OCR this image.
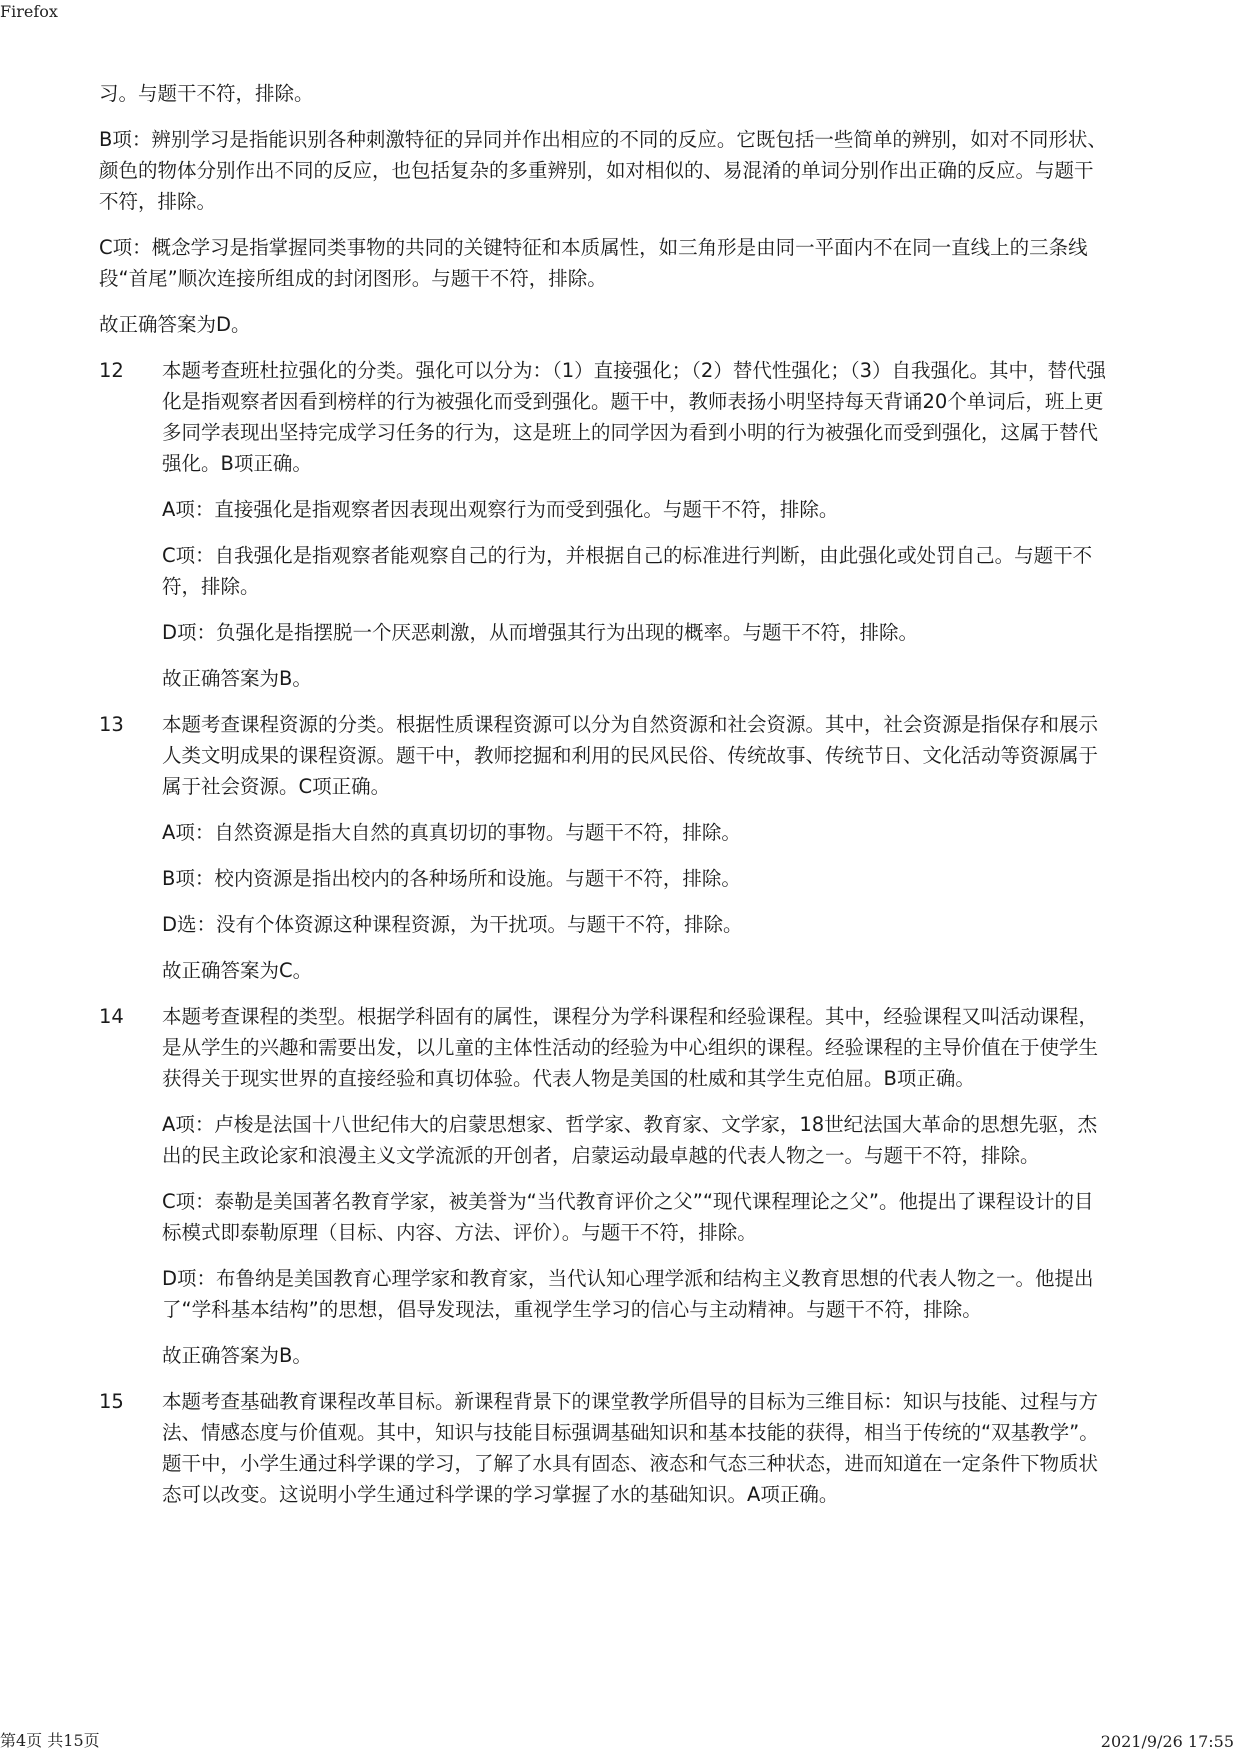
Firefox

习。与题干不符，排除。

B项：辨别学习是指能识别各种刺激特征的异同并作出相应的不同的反应。它既包括一些简单的辨别，如对不同形状、颜色的物体分别作出不同的反应，也包括复杂的多重辨别，如对相似的、易混淆的单词分别作出正确的反应。与题干不符，排除。

C项：概念学习是指掌握同类事物的共同的关键特征和本质属性，如三角形是由同一平面内不在同一直线上的三条线段“首尾”顺次连接所组成的封闭图形。与题干不符，排除。

故正确答案为D。

12	本题考查班杜拉强化的分类。强化可以分为：（1）直接强化；（2）替代性强化；（3）自我强化。其中，替代强化是指观察者因看到榜样的行为被强化而受到强化。题干中，教师表扬小明坚持每天背诵20个单词后，班上更多同学表现出坚持完成学习任务的行为，这是班上的同学因为看到小明的行为被强化而受到强化，这属于替代强化。B项正确。

A项：直接强化是指观察者因表现出观察行为而受到强化。与题干不符，排除。

C项：自我强化是指观察者能观察自己的行为，并根据自己的标准进行判断，由此强化或处罚自己。与题干不符，排除。

D项：负强化是指摆脱一个厌恶刺激，从而增强其行为出现的概率。与题干不符，排除。

故正确答案为B。

13	本题考查课程资源的分类。根据性质课程资源可以分为自然资源和社会资源。其中，社会资源是指保存和展示人类文明成果的课程资源。题干中，教师挖掘和利用的民风民俗、传统故事、传统节日、文化活动等资源属于属于社会资源。C项正确。

A项：自然资源是指大自然的真真切切的事物。与题干不符，排除。

B项：校内资源是指出校内的各种场所和设施。与题干不符，排除。

D选：没有个体资源这种课程资源，为干扰项。与题干不符，排除。

故正确答案为C。

14	本题考查课程的类型。根据学科固有的属性，课程分为学科课程和经验课程。其中，经验课程又叫活动课程，是从学生的兴趣和需要出发，以儿童的主体性活动的经验为中心组织的课程。经验课程的主导价值在于使学生获得关于现实世界的直接经验和真切体验。代表人物是美国的杜威和其学生克伯屈。B项正确。

A项：卢梭是法国十八世纪伟大的启蒙思想家、哲学家、教育家、文学家，18世纪法国大革命的思想先驱，杰出的民主政论家和浪漫主义文学流派的开创者，启蒙运动最卓越的代表人物之一。与题干不符，排除。

C项：泰勒是美国著名教育学家，被美誉为“当代教育评价之父”“现代课程理论之父”。他提出了课程设计的目标模式即泰勒原理（目标、内容、方法、评价）。与题干不符，排除。

D项：布鲁纳是美国教育心理学家和教育家，当代认知心理学派和结构主义教育思想的代表人物之一。他提出了“学科基本结构”的思想，倡导发现法，重视学生学习的信心与主动精神。与题干不符，排除。

故正确答案为B。

15	本题考查基础教育课程改革目标。新课程背景下的课堂教学所倡导的目标为三维目标：知识与技能、过程与方法、情感态度与价值观。其中，知识与技能目标强调基础知识和基本技能的获得，相当于传统的“双基教学”。题干中，小学生通过科学课的学习，了解了水具有固态、液态和气态三种状态，进而知道在一定条件下物质状态可以改变。这说明小学生通过科学课的学习掌握了水的基础知识。A项正确。

第4页 共15页	2021/9/26 17:55
